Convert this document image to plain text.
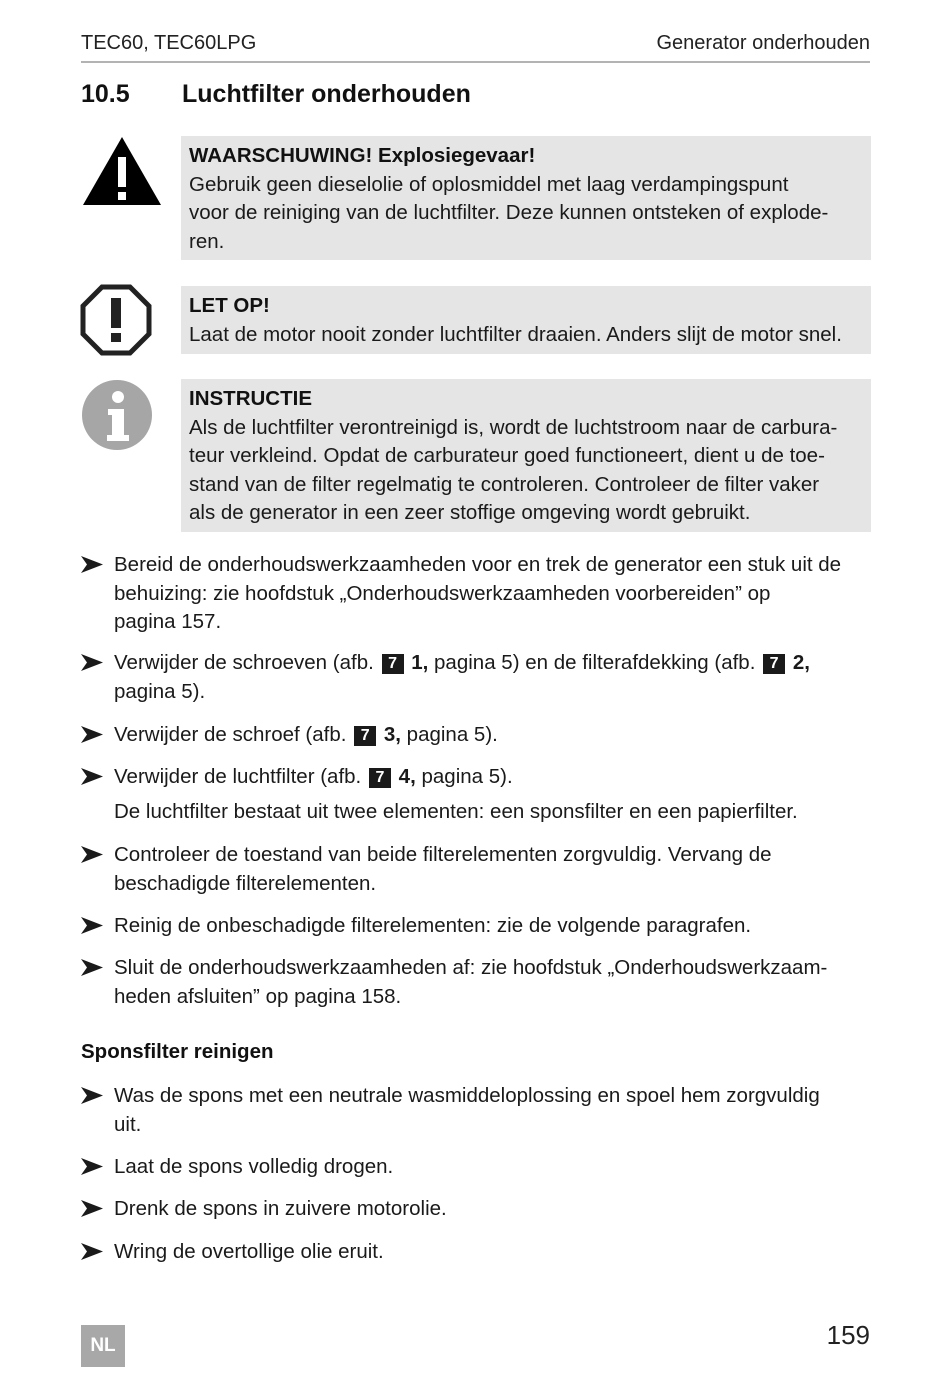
TEC60, TEC60LPG	Generator onderhouden
10.5 Luchtfilter onderhouden
WAARSCHUWING! Explosiegevaar!
Gebruik geen dieselolie of oplosmiddel met laag verdampingspunt
voor de reiniging van de luchtfilter. Deze kunnen ontsteken of explode-
ren.
LET OP!
Laat de motor nooit zonder luchtfilter draaien. Anders slijt de motor snel.
INSTRUCTIE
Als de luchtfilter verontreinigd is, wordt de luchtstroom naar de carbura-
teur verkleind. Opdat de carburateur goed functioneert, dient u de toe-
stand van de filter regelmatig te controleren. Controleer de filter vaker
als de generator in een zeer stoffige omgeving wordt gebruikt.
Bereid de onderhoudswerkzaamheden voor en trek de generator een stuk uit de
behuizing: zie hoofdstuk „Onderhoudswerkzaamheden voorbereiden” op
pagina 157.
Verwijder de schroeven (afb. 7 1, pagina 5) en de filterafdekking (afb. 7 2,
pagina 5).
Verwijder de schroef (afb. 7 3, pagina 5).
Verwijder de luchtfilter (afb. 7 4, pagina 5).
De luchtfilter bestaat uit twee elementen: een sponsfilter en een papierfilter.
Controleer de toestand van beide filterelementen zorgvuldig. Vervang de
beschadigde filterelementen.
Reinig de onbeschadigde filterelementen: zie de volgende paragrafen.
Sluit de onderhoudswerkzaamheden af: zie hoofdstuk „Onderhoudswerkzaam-
heden afsluiten” op pagina 158.
Sponsfilter reinigen
Was de spons met een neutrale wasmiddeloplossing en spoel hem zorgvuldig
uit.
Laat de spons volledig drogen.
Drenk de spons in zuivere motorolie.
Wring de overtollige olie eruit.
NL	159
